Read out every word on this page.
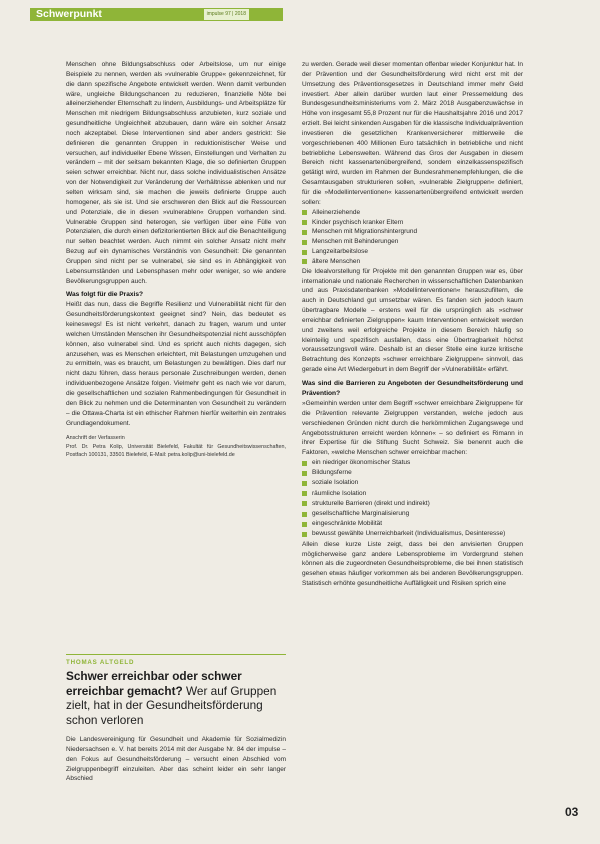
Schwerpunkt	impulse 97 | 2018

Menschen ohne Bildungsabschluss oder Arbeitslose, um nur einige Beispiele zu nennen, werden als »vulnerable Gruppe« gekennzeichnet, für die dann spezifische Angebote entwickelt werden. Wenn damit verbunden wäre, ungleiche Bildungschancen zu reduzieren, finanzielle Nöte bei alleinerziehender Elternschaft zu lindern, Ausbildungs- und Arbeitsplätze für Menschen mit niedrigem Bildungsabschluss anzubieten, kurz soziale und gesundheitliche Ungleichheit abzubauen, dann wäre ein solcher Ansatz noch akzeptabel. Diese Interventionen sind aber anders gestrickt: Sie definieren die genannten Gruppen in reduktionistischer Weise und versuchen, auf individueller Ebene Wissen, Einstellungen und Verhalten zu verändern – mit der seitsam bekannten Klage, die so definierten Gruppen seien schwer erreichbar. Nicht nur, dass solche individualistischen Ansätze von der Notwendigkeit zur Veränderung der Verhältnisse ablenken und nur selten wirksam sind, sie machen die jeweils definierte Gruppe auch homogener, als sie ist. Und sie erschweren den Blick auf die Ressourcen und Potenziale, die in diesen »vulnerablen« Gruppen vorhanden sind. Vulnerable Gruppen sind heterogen, sie verfügen über eine Fülle von Potenzialen, die durch einen defizitorientierten Blick auf die Benachteiligung nur selten beachtet werden. Auch nimmt ein solcher Ansatz nicht mehr Bezug auf ein dynamisches Verständnis von Gesundheit: Die genannten Gruppen sind nicht per se vulnerabel, sie sind es in Abhängigkeit von Lebensumständen und Lebensphasen mehr oder weniger, so wie andere Bevölkerungsgruppen auch.

Was folgt für die Praxis?

Heißt das nun, dass die Begriffe Resilienz und Vulnerabilität nicht für den Gesundheitsförderungskontext geeignet sind? Nein, das bedeutet es keineswegs! Es ist nicht verkehrt, danach zu fragen, warum und unter welchen Umständen Menschen ihr Gesundheitspotenzial nicht ausschöpfen können, also vulnerabel sind. Und es spricht auch nichts dagegen, sich anzusehen, was es Menschen erleichtert, mit Belastungen umzugehen und zu ermitteln, was es braucht, um Belastungen zu bewältigen. Dies darf nur nicht dazu führen, dass heraus personale Zuschreibungen werden, denen individuenbezogene Ansätze folgen. Vielmehr geht es nach wie vor darum, die gesellschaftlichen und sozialen Rahmenbedingungen für Gesundheit in den Blick zu nehmen und die Determinanten von Gesundheit zu verändern – die Ottawa-Charta ist ein ethischer Rahmen hierfür weiterhin ein zentrales Grundlagendokument.

Anschrift der Verfasserin
Prof. Dr. Petra Kolip, Universität Bielefeld, Fakultät für Gesundheitswissenschaften, Postfach 100131, 33501 Bielefeld, E-Mail: petra.kolip@uni-bielefeld.de
THOMAS ALTGELD
Schwer erreichbar oder schwer erreichbar gemacht? Wer auf Gruppen zielt, hat in der Gesundheitsförderung schon verloren
Die Landesvereinigung für Gesundheit und Akademie für Sozialmedizin Niedersachsen e. V. hat bereits 2014 mit der Ausgabe Nr. 84 der impulse – den Fokus auf Gesundheitsförderung – versucht einen Abschied vom Zielgruppenbegriff einzuleiten. Aber das scheint leider ein sehr langer Abschied

zu werden. Gerade weil dieser momentan offenbar wieder Konjunktur hat. In der Prävention und der Gesundheitsförderung wird nicht erst mit der Umsetzung des Präventionsgesetzes in Deutschland immer mehr Geld investiert. Aber allein darüber wurden laut einer Pressemeldung des Bundesgesundheitsministeriums vom 2. März 2018 Ausgabenzuwächse in Höhe von insgesamt 55,8 Prozent nur für die Haushaltsjahre 2016 und 2017 erzielt. Bei leicht sinkenden Ausgaben für die klassische Individualprävention investieren die gesetzlichen Krankenversicherer mittlerweile die vorgeschriebenen 400 Millionen Euro tatsächlich in betriebliche und nicht betriebliche Lebenswelten. Während das Gros der Ausgaben in diesem Bereich nicht kassenartenübergreifend, sondern einzelkassenspezifisch getätigt wird, wurden im Rahmen der Bundesrahmenempfehlungen, die die Gesamtausgaben strukturieren sollen, »vulnerable Zielgruppen« definiert, für die »Modellinterventionen« kassenartenübergreifend entwickelt werden sollen:

Alleinerziehende
Kinder psychisch kranker Eltern
Menschen mit Migrationshintergrund
Menschen mit Behinderungen
Langzeitarbeitslose
ältere Menschen

Die Idealvorstellung für Projekte mit den genannten Gruppen war es, über internationale und nationale Recherchen in wissenschaftlichen Datenbanken und aus Praxisdatenbanken »Modellinterventionen« herauszufiltern, die auch in Deutschland gut umsetzbar wären. Es fanden sich jedoch kaum übertragbare Modelle – erstens weil für die ursprünglich als »schwer erreichbar definierten Zielgruppen« kaum Interventionen entwickelt werden und zweitens weil erfolgreiche Projekte in diesem Bereich häufig so kleinteilig und spezifisch ausfallen, dass eine Übertragbarkeit höchst voraussetzungsvoll wäre. Deshalb ist an dieser Stelle eine kurze kritische Betrachtung des Konzepts »schwer erreichbare Zielgruppen« sinnvoll, das gerade eine Art Wiedergeburt in dem Begriff der »Vulnerabilität« erfährt.

Was sind die Barrieren zu Angeboten der Gesundheitsförderung und Prävention?

»Gemeinhin werden unter dem Begriff »schwer erreichbare Zielgruppen« für die Prävention relevante Zielgruppen verstanden, welche jedoch aus verschiedenen Gründen nicht durch die herkömmlichen Zugangswege und Angebotsstrukturen erreicht werden können« – so definiert es Rimann in ihrer Expertise für die Stiftung Sucht Schweiz. Sie benennt auch die Faktoren, »welche Menschen schwer erreichbar machen:

ein niedriger ökonomischer Status
Bildungsferne
soziale Isolation
räumliche Isolation
strukturelle Barrieren (direkt und indirekt)
gesellschaftliche Marginalisierung
eingeschränkte Mobilität
bewusst gewählte Unerreichbarkeit (Individualismus, Desinteresse)

Allein diese kurze Liste zeigt, dass bei den anvisierten Gruppen möglicherweise ganz andere Lebensprobleme im Vordergrund stehen können als die zugeordneten Gesundheitsprobleme, die bei ihnen statistisch gesehen etwas häufiger vorkommen als bei anderen Bevölkerungsgruppen. Statistisch erhöhte gesundheitliche Auffälligkeit und Risiken sprich eine

03
